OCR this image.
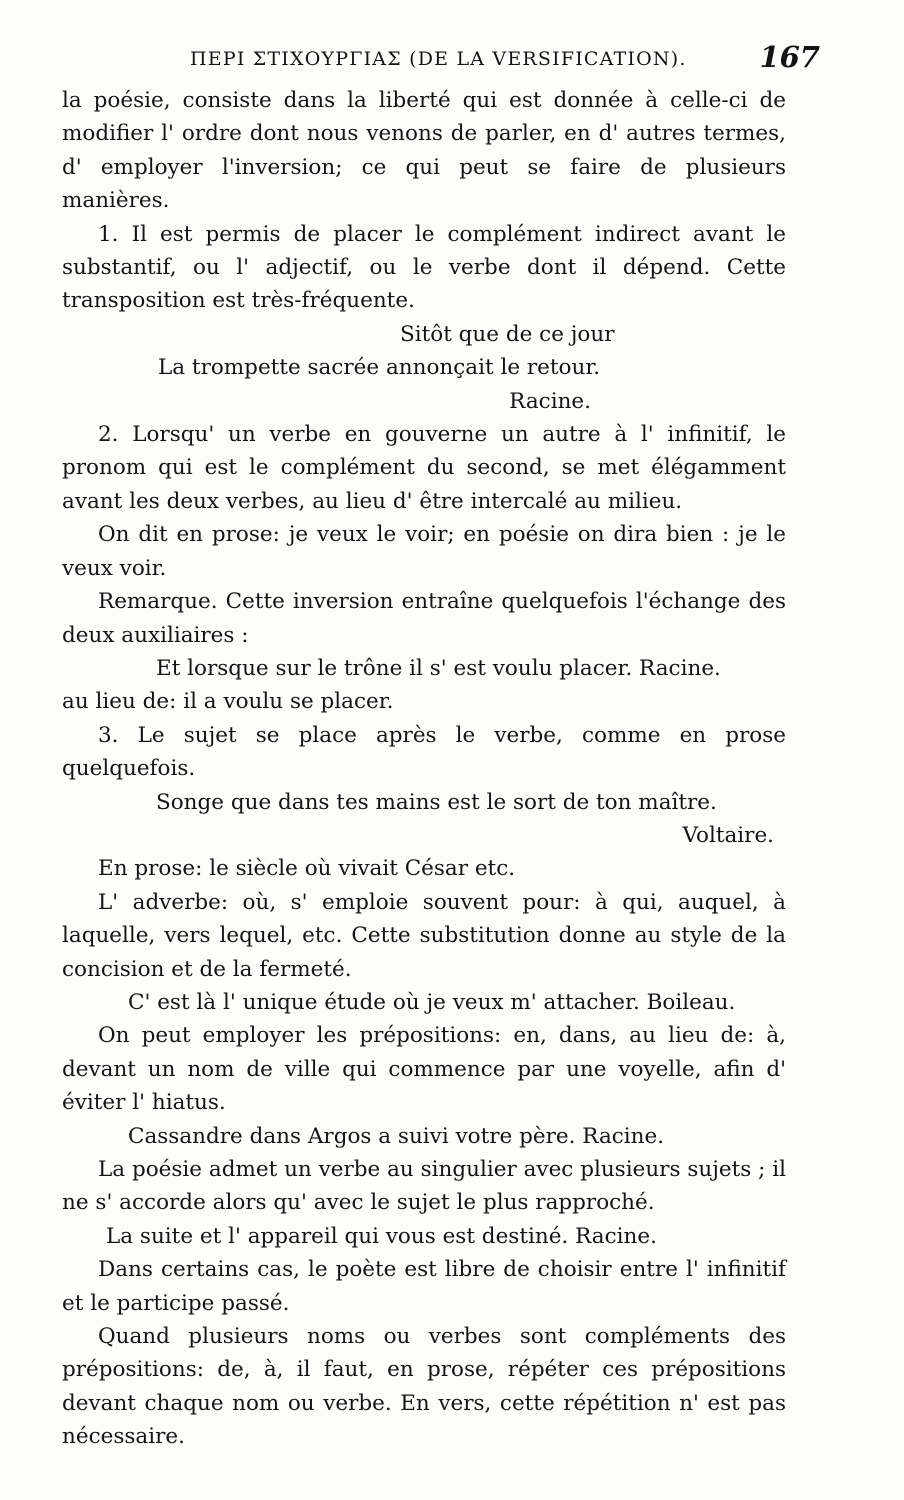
ΠΕΡΙ ΣΤΙΧΟΥΡΓΙΑΣ (DE LA VERSIFICATION).	167

la poésie, consiste dans la liberté qui est donnée à celle-ci de modifier l' ordre dont nous venons de parler, en d' autres termes, d' employer l'inversion; ce qui peut se faire de plusieurs manières.

1. Il est permis de placer le complément indirect avant le substantif, ou l' adjectif, ou le verbe dont il dépend. Cette transposition est très-fréquente.

Sitôt que de ce jour

La trompette sacrée annonçait le retour.

Racine.

2. Lorsqu' un verbe en gouverne un autre à l' infinitif, le pronom qui est le complément du second, se met élégamment avant les deux verbes, au lieu d' être intercalé au milieu.

On dit en prose: je veux le voir; en poésie on dira bien : je le veux voir.

Remarque. Cette inversion entraîne quelquefois l'échange des deux auxiliaires :

Et lorsque sur le trône il s' est voulu placer. Racine.

au lieu de: il a voulu se placer.

3. Le sujet se place après le verbe, comme en prose quelquefois.

Songe que dans tes mains est le sort de ton maître.

Voltaire.

En prose: le siècle où vivait César etc.

L' adverbe: où, s' emploie souvent pour: à qui, auquel, à laquelle, vers lequel, etc. Cette substitution donne au style de la concision et de la fermeté.

C' est là l' unique étude où je veux m' attacher. Boileau.

On peut employer les prépositions: en, dans, au lieu de: à, devant un nom de ville qui commence par une voyelle, afin d' éviter l' hiatus.

Cassandre dans Argos a suivi votre père. Racine.

La poésie admet un verbe au singulier avec plusieurs sujets ; il ne s' accorde alors qu' avec le sujet le plus rapproché.

La suite et l' appareil qui vous est destiné. Racine.

Dans certains cas, le poète est libre de choisir entre l' infinitif et le participe passé.

Quand plusieurs noms ou verbes sont compléments des prépositions: de, à, il faut, en prose, répéter ces prépositions devant chaque nom ou verbe. En vers, cette répétition n' est pas nécessaire.
